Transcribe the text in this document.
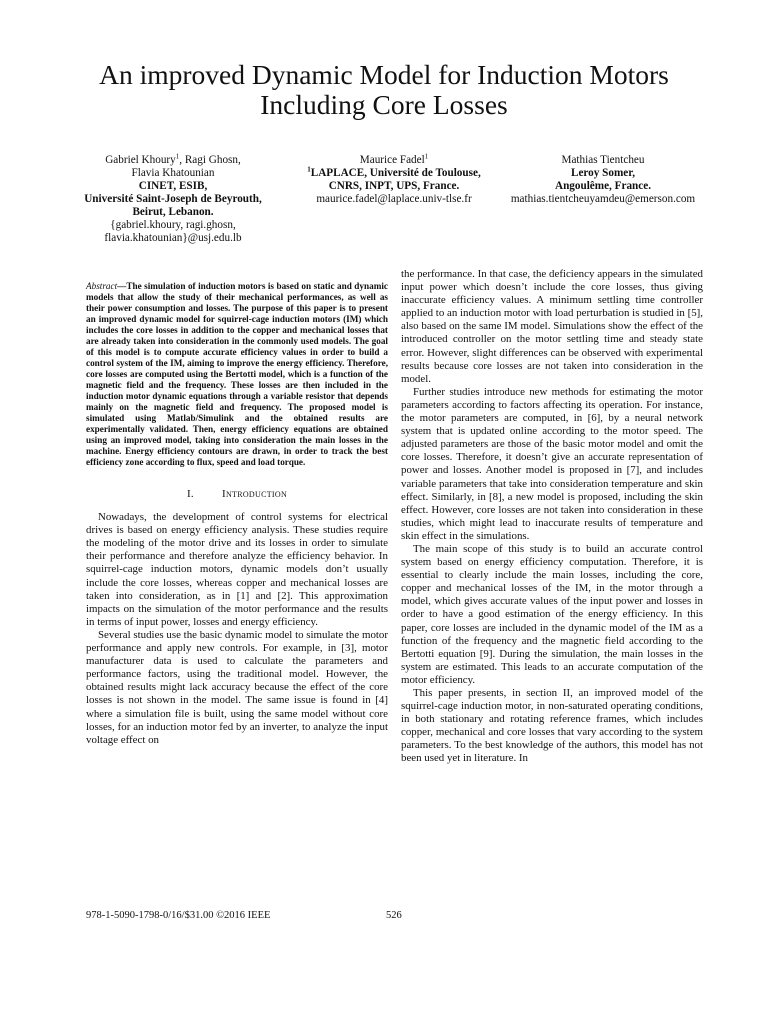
An improved Dynamic Model for Induction Motors
Including Core Losses
Gabriel Khoury$^1$, Ragi Ghosn,
Flavia Khatounian
CINET, ESIB,
Université Saint-Joseph de Beyrouth,
Beirut, Lebanon.
{gabriel.khoury, ragi.ghosn,
flavia.khatounian}@usj.edu.lb
Maurice Fadel$^1$
$^1$LAPLACE, Université de Toulouse,
CNRS, INPT, UPS, France.
maurice.fadel@laplace.univ-tlse.fr
Mathias Tientcheu
Leroy Somer,
Angoulême, France.
mathias.tientcheuyamdeu@emerson.com

Abstract—The simulation of induction motors is based on static and dynamic models that allow the study of their mechanical performances, as well as their power consumption and losses. The purpose of this paper is to present an improved dynamic model for squirrel-cage induction motors (IM) which includes the core losses in addition to the copper and mechanical losses that are already taken into consideration in the commonly used models. The goal of this model is to compute accurate efficiency values in order to build a control system of the IM, aiming to improve the energy efficiency. Therefore, core losses are computed using the Bertotti model, which is a function of the magnetic field and the frequency. These losses are then included in the induction motor dynamic equations through a variable resistor that depends mainly on the magnetic field and frequency. The proposed model is simulated using Matlab/Simulink and the obtained results are experimentally validated. Then, energy efficiency equations are obtained using an improved model, taking into consideration the main losses in the machine. Energy efficiency contours are drawn, in order to track the best efficiency zone according to flux, speed and load torque.

I.	Introduction

Nowadays, the development of control systems for electrical drives is based on energy efficiency analysis. These studies require the modeling of the motor drive and its losses in order to simulate their performance and therefore analyze the efficiency behavior. In squirrel-cage induction motors, dynamic models don’t usually include the core losses, whereas copper and mechanical losses are taken into consideration, as in [1] and [2]. This approximation impacts on the simulation of the motor performance and the results in terms of input power, losses and energy efficiency.

Several studies use the basic dynamic model to simulate the motor performance and apply new controls. For example, in [3], motor manufacturer data is used to calculate the parameters and performance factors, using the traditional model. However, the obtained results might lack accuracy because the effect of the core losses is not shown in the model. The same issue is found in [4] where a simulation file is built, using the same model without core losses, for an induction motor fed by an inverter, to analyze the input voltage effect on

the performance. In that case, the deficiency appears in the simulated input power which doesn’t include the core losses, thus giving inaccurate efficiency values. A minimum settling time controller applied to an induction motor with load perturbation is studied in [5], also based on the same IM model. Simulations show the effect of the introduced controller on the motor settling time and steady state error. However, slight differences can be observed with experimental results because core losses are not taken into consideration in the model.

Further studies introduce new methods for estimating the motor parameters according to factors affecting its operation. For instance, the motor parameters are computed, in [6], by a neural network system that is updated online according to the motor speed. The adjusted parameters are those of the basic motor model and omit the core losses. Therefore, it doesn’t give an accurate representation of power and losses. Another model is proposed in [7], and includes variable parameters that take into consideration temperature and skin effect. Similarly, in [8], a new model is proposed, including the skin effect. However, core losses are not taken into consideration in these studies, which might lead to inaccurate results of temperature and skin effect in the simulations.

The main scope of this study is to build an accurate control system based on energy efficiency computation. Therefore, it is essential to clearly include the main losses, including the core, copper and mechanical losses of the IM, in the motor through a model, which gives accurate values of the input power and losses in order to have a good estimation of the energy efficiency. In this paper, core losses are included in the dynamic model of the IM as a function of the frequency and the magnetic field according to the Bertotti equation [9]. During the simulation, the main losses in the system are estimated. This leads to an accurate computation of the motor efficiency.

This paper presents, in section II, an improved model of the squirrel-cage induction motor, in non-saturated operating conditions, in both stationary and rotating reference frames, which includes copper, mechanical and core losses that vary according to the system parameters. To the best knowledge of the authors, this model has not been used yet in literature. In

978-1-5090-1798-0/16/$31.00 ©2016 IEEE	526
